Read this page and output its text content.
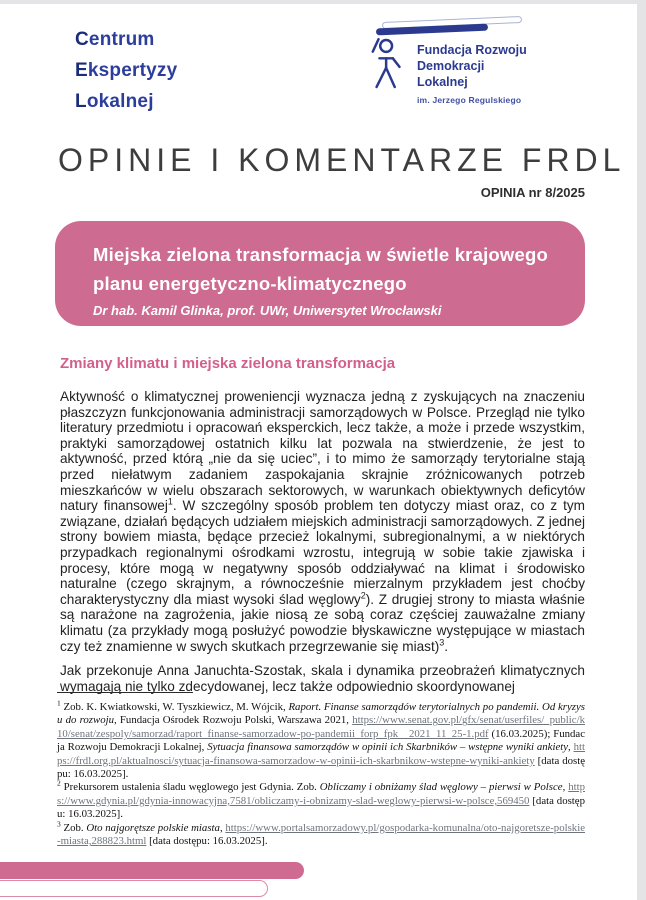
Centrum
Ekspertyzy
Lokalnej
Fundacja Rozwoju
Demokracji Lokalnej
im. Jerzego Regulskiego
OPINIE I KOMENTARZE FRDL
OPINIA nr 8/2025
Miejska zielona transformacja w świetle krajowego planu energetyczno-klimatycznego
Dr hab. Kamil Glinka, prof. UWr, Uniwersytet Wrocławski
Zmiany klimatu i miejska zielona transformacja
Aktywność o klimatycznej proweniencji wyznacza jedną z zyskujących na znaczeniu płaszczyzn funkcjonowania administracji samorządowych w Polsce. Przegląd nie tylko literatury przedmiotu i opracowań eksperckich, lecz także, a może i przede wszystkim, praktyki samorządowej ostatnich kilku lat pozwala na stwierdzenie, że jest to aktywność, przed którą „nie da się uciec”, i to mimo że samorządy terytorialne stają przed niełatwym zadaniem zaspokajania skrajnie zróżnicowanych potrzeb mieszkańców w wielu obszarach sektorowych, w warunkach obiektywnych deficytów natury finansowej$^1$. W szczególny sposób problem ten dotyczy miast oraz, co z tym związane, działań będących udziałem miejskich administracji samorządowych. Z jednej strony bowiem miasta, będące przecież lokalnymi, subregionalnymi, a w niektórych przypadkach regionalnymi ośrodkami wzrostu, integrują w sobie takie zjawiska i procesy, które mogą w negatywny sposób oddziaływać na klimat i środowisko naturalne (czego skrajnym, a równocześnie mierzalnym przykładem jest choćby charakterystyczny dla miast wysoki ślad węglowy$^2$). Z drugiej strony to miasta właśnie są narażone na zagrożenia, jakie niosą ze sobą coraz częściej zauważalne zmiany klimatu (za przykłady mogą posłużyć powodzie błyskawiczne występujące w miastach czy też znamienne w swych skutkach przegrzewanie się miast)$^3$.
Jak przekonuje Anna Januchta-Szostak, skala i dynamika przeobrażeń klimatycznych wymagają nie tylko zdecydowanej, lecz także odpowiednio skoordynowanej
$^1$ Zob. K. Kwiatkowski, W. Tyszkiewicz, M. Wójcik, Raport. Finanse samorządów terytorialnych po pandemii. Od kryzysu do rozwoju, Fundacja Ośrodek Rozwoju Polski, Warszawa 2021, https://www.senat.gov.pl/gfx/senat/userfiles/_public/k10/senat/zespoly/samorzad/raport_finanse-samorzadow-po-pandemii_forp_fpk__2021_11_25-1.pdf (16.03.2025); Fundacja Rozwoju Demokracji Lokalnej, Sytuacja finansowa samorządów w opinii ich Skarbników – wstępne wyniki ankiety, https://frdl.org.pl/aktualnosci/sytuacja-finansowa-samorzadow-w-opinii-ich-skarbnikow-wstepne-wyniki-ankiety [data dostępu: 16.03.2025].
$^2$ Prekursorem ustalenia śladu węglowego jest Gdynia. Zob. Obliczamy i obniżamy ślad węglowy – pierwsi w Polsce, https://www.gdynia.pl/gdynia-innowacyjna,7581/obliczamy-i-obnizamy-slad-weglowy-pierwsi-w-polsce,569450 [data dostępu: 16.03.2025].
$^3$ Zob. Oto najgorętsze polskie miasta, https://www.portalsamorzadowy.pl/gospodarka-komunalna/oto-najgoretsze-polskie-miasta,288823.html [data dostępu: 16.03.2025].
